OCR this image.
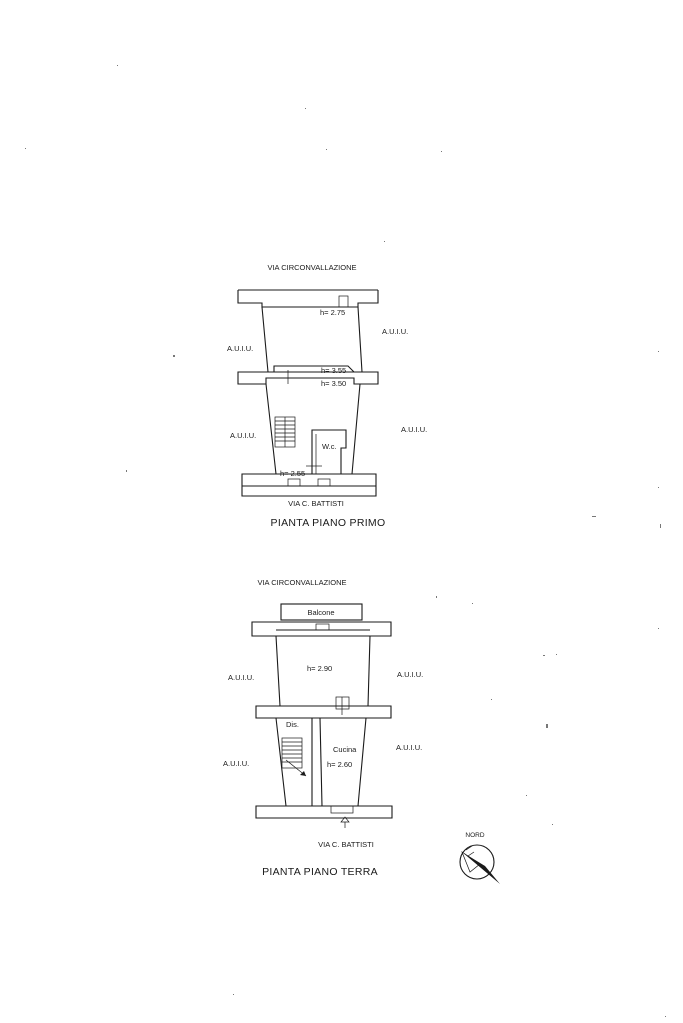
VIA CIRCONVALLAZIONE
h= 2.75
h= 3.55
h= 3.50
W.c.
h= 2.55
A.U.I.U.
A.U.I.U.
A.U.I.U.
A.U.I.U.
VIA C. BATTISTI
PIANTA PIANO PRIMO
VIA CIRCONVALLAZIONE
Balcone
h= 2.90
Dis.
Cucina
h= 2.60
A.U.I.U.	A.U.I.U.
A.U.I.U.
A.U.I.U.
VIA C. BATTISTI
PIANTA PIANO TERRA
NORD
